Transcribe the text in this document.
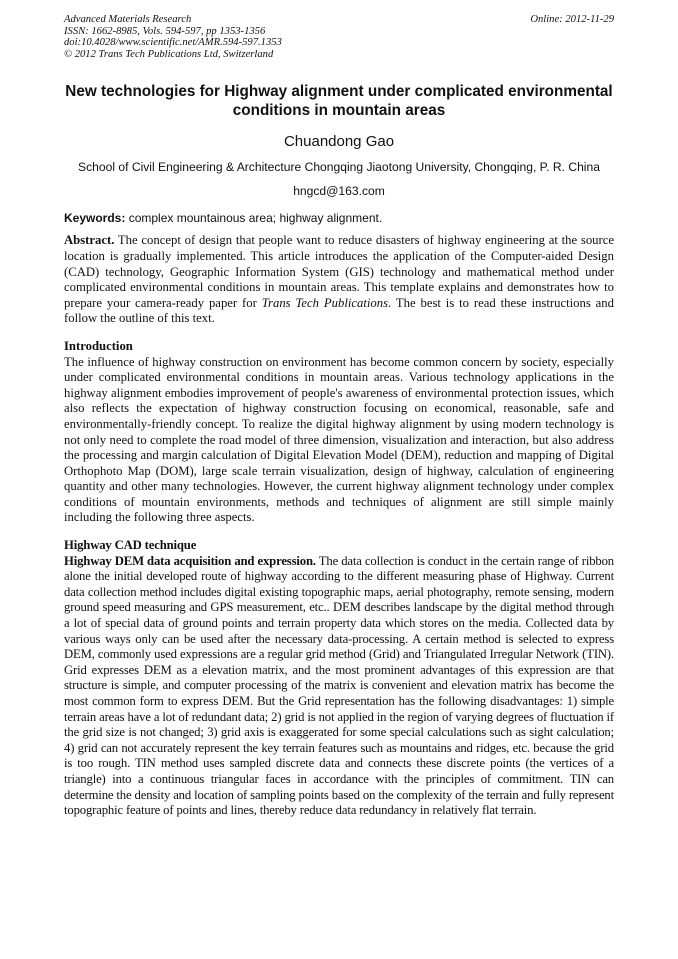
Advanced Materials Research
ISSN: 1662-8985, Vols. 594-597, pp 1353-1356
doi:10.4028/www.scientific.net/AMR.594-597.1353
© 2012 Trans Tech Publications Ltd, Switzerland
Online: 2012-11-29
New technologies for Highway alignment under complicated environmental conditions in mountain areas
Chuandong Gao
School of Civil Engineering & Architecture Chongqing Jiaotong University, Chongqing, P. R. China
hngcd@163.com
Keywords: complex mountainous area; highway alignment.
Abstract. The concept of design that people want to reduce disasters of highway engineering at the source location is gradually implemented. This article introduces the application of the Computer-aided Design (CAD) technology, Geographic Information System (GIS) technology and mathematical method under complicated environmental conditions in mountain areas. This template explains and demonstrates how to prepare your camera-ready paper for Trans Tech Publications. The best is to read these instructions and follow the outline of this text.
Introduction
The influence of highway construction on environment has become common concern by society, especially under complicated environmental conditions in mountain areas. Various technology applications in the highway alignment embodies improvement of people's awareness of environmental protection issues, which also reflects the expectation of highway construction focusing on economical, reasonable, safe and environmentally-friendly concept. To realize the digital highway alignment by using modern technology is not only need to complete the road model of three dimension, visualization and interaction, but also address the processing and margin calculation of Digital Elevation Model (DEM), reduction and mapping of Digital Orthophoto Map (DOM), large scale terrain visualization, design of highway, calculation of engineering quantity and other many technologies. However, the current highway alignment technology under complex conditions of mountain environments, methods and techniques of alignment are still simple mainly including the following three aspects.
Highway CAD technique
Highway DEM data acquisition and expression. The data collection is conduct in the certain range of ribbon alone the initial developed route of highway according to the different measuring phase of Highway. Current data collection method includes digital existing topographic maps, aerial photography, remote sensing, modern ground speed measuring and GPS measurement, etc.. DEM describes landscape by the digital method through a lot of special data of ground points and terrain property data which stores on the media. Collected data by various ways only can be used after the necessary data-processing. A certain method is selected to express DEM, commonly used expressions are a regular grid method (Grid) and Triangulated Irregular Network (TIN). Grid expresses DEM as a elevation matrix, and the most prominent advantages of this expression are that structure is simple, and computer processing of the matrix is convenient and elevation matrix has become the most common form to express DEM. But the Grid representation has the following disadvantages: 1) simple terrain areas have a lot of redundant data; 2) grid is not applied in the region of varying degrees of fluctuation if the grid size is not changed; 3) grid axis is exaggerated for some special calculations such as sight calculation; 4) grid can not accurately represent the key terrain features such as mountains and ridges, etc. because the grid is too rough. TIN method uses sampled discrete data and connects these discrete points (the vertices of a triangle) into a continuous triangular faces in accordance with the principles of commitment. TIN can determine the density and location of sampling points based on the complexity of the terrain and fully represent topographic feature of points and lines, thereby reduce data redundancy in relatively flat terrain.
